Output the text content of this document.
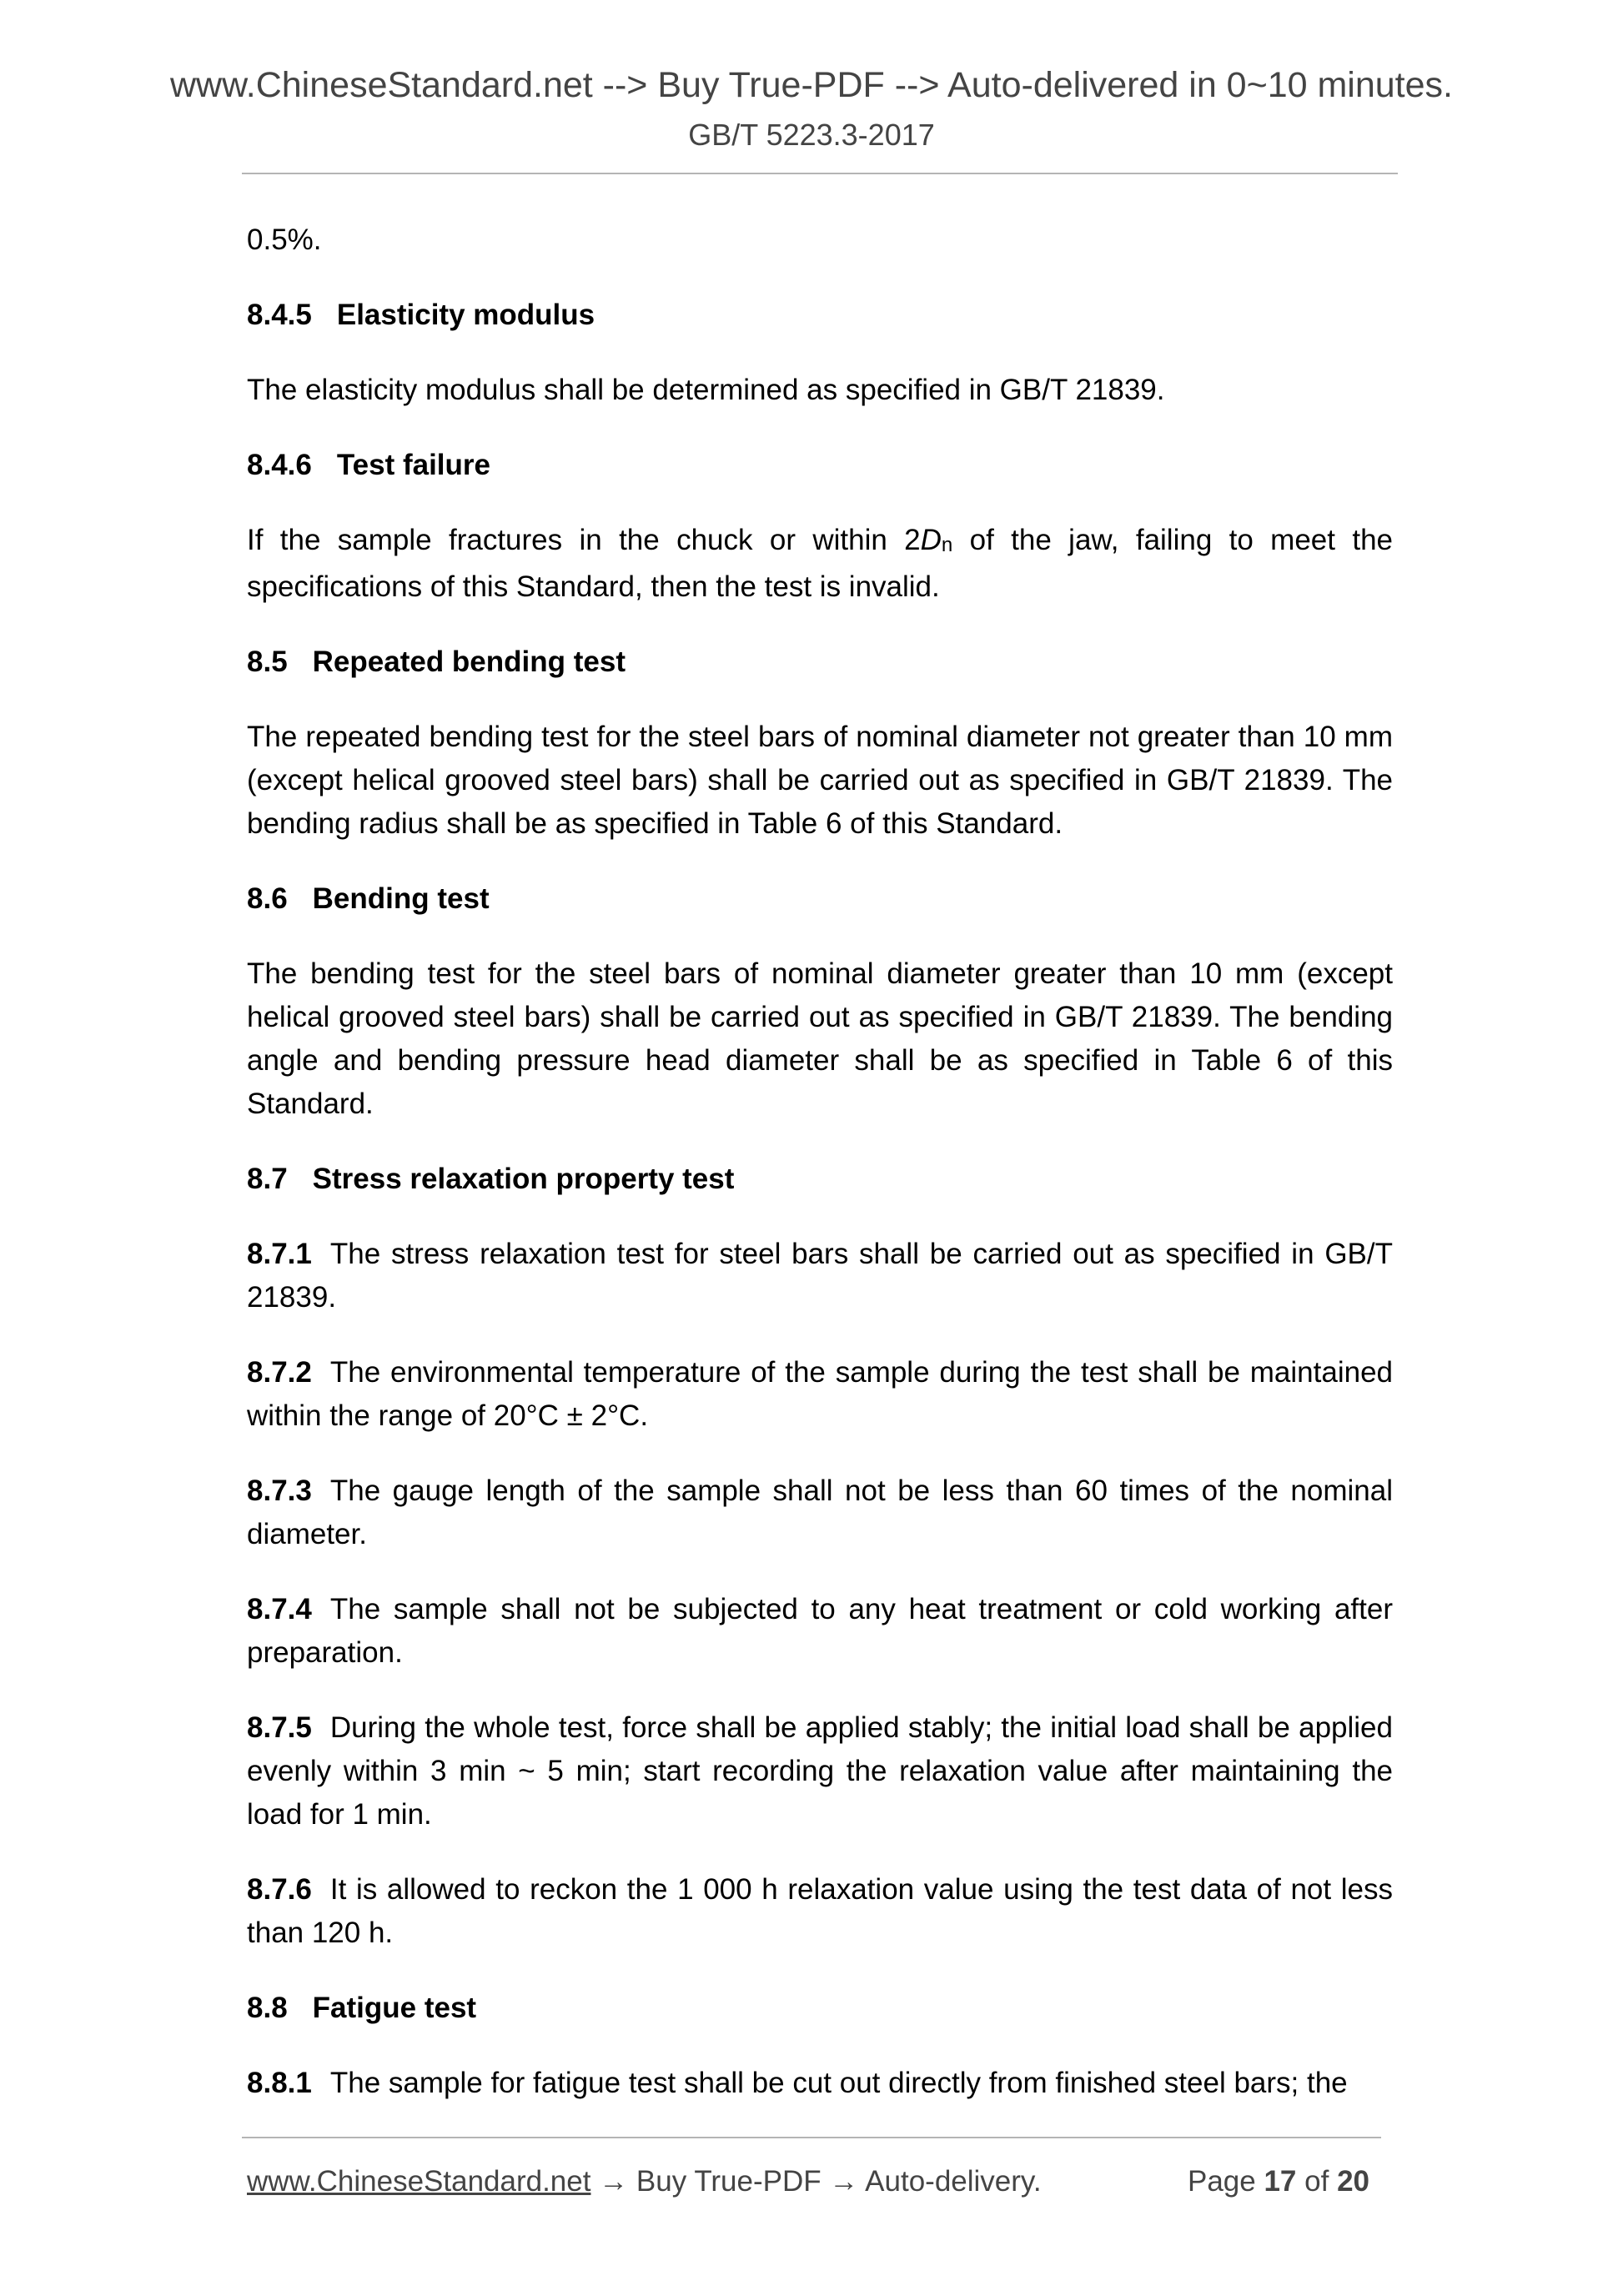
www.ChineseStandard.net --> Buy True-PDF --> Auto-delivered in 0~10 minutes.
GB/T 5223.3-2017

0.5%.

8.4.5 Elasticity modulus

The elasticity modulus shall be determined as specified in GB/T 21839.

8.4.6 Test failure

If the sample fractures in the chuck or within 2Dn of the jaw, failing to meet the specifications of this Standard, then the test is invalid.

8.5 Repeated bending test

The repeated bending test for the steel bars of nominal diameter not greater than 10 mm (except helical grooved steel bars) shall be carried out as specified in GB/T 21839. The bending radius shall be as specified in Table 6 of this Standard.

8.6 Bending test

The bending test for the steel bars of nominal diameter greater than 10 mm (except helical grooved steel bars) shall be carried out as specified in GB/T 21839. The bending angle and bending pressure head diameter shall be as specified in Table 6 of this Standard.

8.7 Stress relaxation property test

8.7.1 The stress relaxation test for steel bars shall be carried out as specified in GB/T 21839.

8.7.2 The environmental temperature of the sample during the test shall be maintained within the range of 20°C ± 2°C.

8.7.3 The gauge length of the sample shall not be less than 60 times of the nominal diameter.

8.7.4 The sample shall not be subjected to any heat treatment or cold working after preparation.

8.7.5 During the whole test, force shall be applied stably; the initial load shall be applied evenly within 3 min ~ 5 min; start recording the relaxation value after maintaining the load for 1 min.

8.7.6 It is allowed to reckon the 1 000 h relaxation value using the test data of not less than 120 h.

8.8 Fatigue test

8.8.1 The sample for fatigue test shall be cut out directly from finished steel bars; the

www.ChineseStandard.net → Buy True-PDF → Auto-delivery.	Page 17 of 20
